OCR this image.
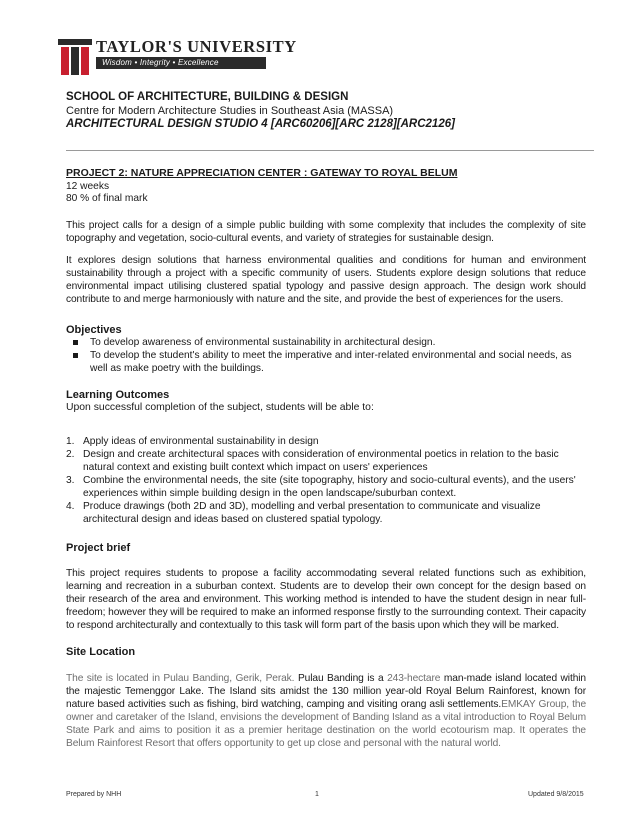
TAYLOR'S UNIVERSITY
Wisdom • Integrity • Excellence

SCHOOL OF ARCHITECTURE, BUILDING & DESIGN

Centre for Modern Architecture Studies in Southeast Asia (MASSA)

ARCHITECTURAL DESIGN STUDIO 4 [ARC60206][ARC 2128][ARC2126]

PROJECT 2: NATURE APPRECIATION CENTER : GATEWAY TO ROYAL BELUM

12 weeks

80 % of final mark

This project calls for a design of a simple public building with some complexity that includes the complexity of site topography and vegetation, socio-cultural events, and variety of strategies for sustainable design.

It explores design solutions that harness environmental qualities and conditions for human and environment sustainability through a project with a specific community of users. Students explore design solutions that reduce environmental impact utilising clustered spatial typology and passive design approach. The design work should contribute to and merge harmoniously with nature and the site, and provide the best of experiences for the users.

Objectives

To develop awareness of environmental sustainability in architectural design.
To develop the student's ability to meet the imperative and inter-related environmental and social needs, as well as make poetry with the buildings.

Learning Outcomes

Upon successful completion of the subject, students will be able to:

1. Apply ideas of environmental sustainability in design
2. Design and create architectural spaces with consideration of environmental poetics in relation to the basic natural context and existing built context which impact on users' experiences
3. Combine the environmental needs, the site (site topography, history and socio-cultural events), and the users' experiences within simple building design in the open landscape/suburban context.
4. Produce drawings (both 2D and 3D), modelling and verbal presentation to communicate and visualize architectural design and ideas based on clustered spatial typology.

Project brief

This project requires students to propose a facility accommodating several related functions such as exhibition, learning and recreation in a suburban context. Students are to develop their own concept for the design based on their research of the area and environment. This working method is intended to have the student design in near full-freedom; however they will be required to make an informed response firstly to the surrounding context. Their capacity to respond architecturally and contextually to this task will form part of the basis upon which they will be marked.

Site Location

The site is located in Pulau Banding, Gerik, Perak. Pulau Banding is a 243-hectare man-made island located within the majestic Temenggor Lake. The Island sits amidst the 130 million year-old Royal Belum Rainforest, known for nature based activities such as fishing, bird watching, camping and visiting orang asli settlements.EMKAY Group, the owner and caretaker of the Island, envisions the development of Banding Island as a vital introduction to Royal Belum State Park and aims to position it as a premier heritage destination on the world ecotourism map. It operates the Belum Rainforest Resort that offers opportunity to get up close and personal with the natural world.

Prepared by NHH	1	Updated 9/8/2015
